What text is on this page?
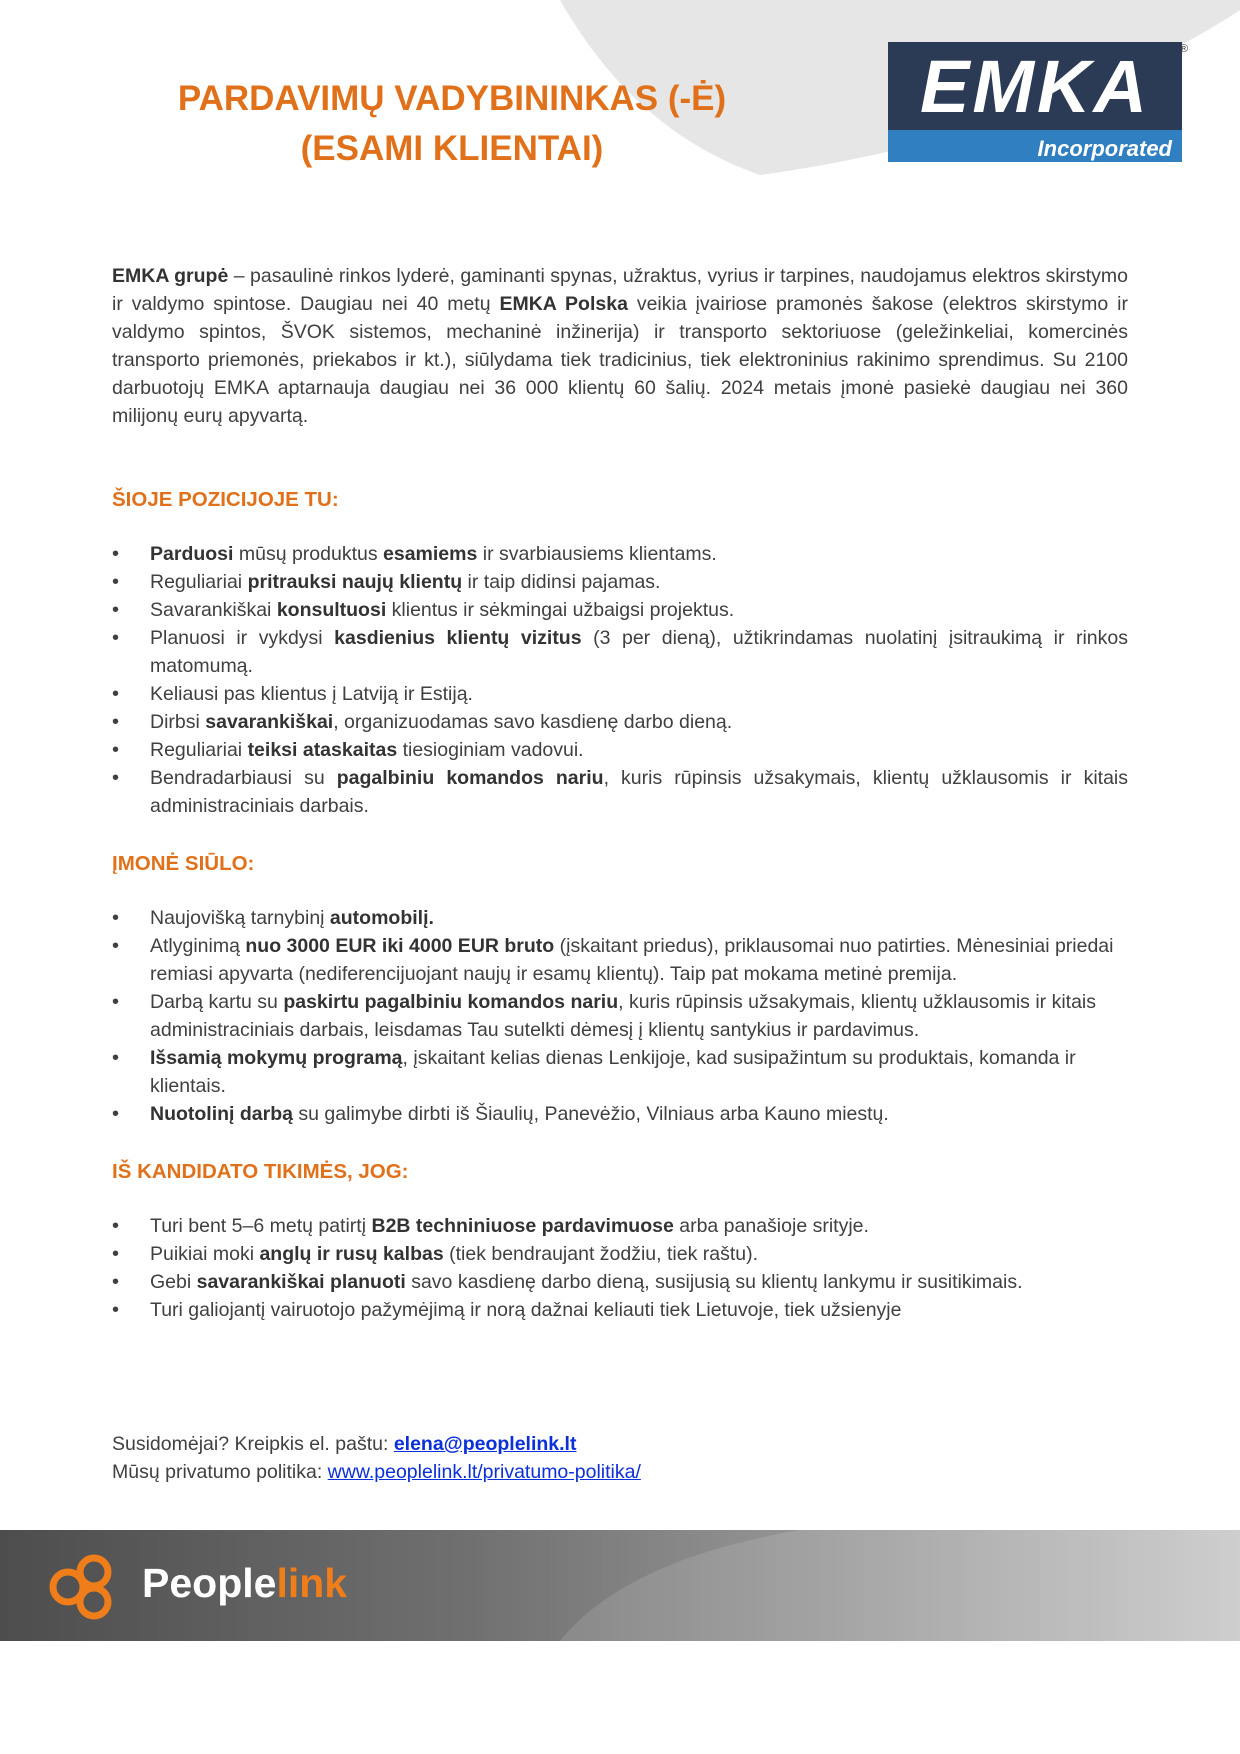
PARDAVIMŲ VADYBININKAS (-Ė)
(ESAMI KLIENTAI)
EMKA
Incorporated
®

EMKA grupė – pasaulinė rinkos lyderė, gaminanti spynas, užraktus, vyrius ir tarpines, naudojamus elektros skirstymo ir valdymo spintose. Daugiau nei 40 metų EMKA Polska veikia įvairiose pramonės šakose (elektros skirstymo ir valdymo spintos, ŠVOK sistemos, mechaninė inžinerija) ir transporto sektoriuose (geležinkeliai, komercinės transporto priemonės, priekabos ir kt.), siūlydama tiek tradicinius, tiek elektroninius rakinimo sprendimus. Su 2100 darbuotojų EMKA aptarnauja daugiau nei 36 000 klientų 60 šalių. 2024 metais įmonė pasiekė daugiau nei 360 milijonų eurų apyvartą.

ŠIOJE POZICIJOJE TU:
• Parduosi mūsų produktus esamiems ir svarbiausiems klientams.
• Reguliariai pritrauksi naujų klientų ir taip didinsi pajamas.
• Savarankiškai konsultuosi klientus ir sėkmingai užbaigsi projektus.
• Planuosi ir vykdysi kasdienius klientų vizitus (3 per dieną), užtikrindamas nuolatinį įsitraukimą ir rinkos matomumą.
• Keliausi pas klientus į Latviją ir Estiją.
• Dirbsi savarankiškai, organizuodamas savo kasdienę darbo dieną.
• Reguliariai teiksi ataskaitas tiesioginiam vadovui.
• Bendradarbiausi su pagalbiniu komandos nariu, kuris rūpinsis užsakymais, klientų užklausomis ir kitais administraciniais darbais.
ĮMONĖ SIŪLO:
• Naujovišką tarnybinį automobilį.
• Atlyginimą nuo 3000 EUR iki 4000 EUR bruto (įskaitant priedus), priklausomai nuo patirties. Mėnesiniai priedai remiasi apyvarta (nediferencijuojant naujų ir esamų klientų). Taip pat mokama metinė premija.
• Darbą kartu su paskirtu pagalbiniu komandos nariu, kuris rūpinsis užsakymais, klientų užklausomis ir kitais administraciniais darbais, leisdamas Tau sutelkti dėmesį į klientų santykius ir pardavimus.
• Išsamią mokymų programą, įskaitant kelias dienas Lenkijoje, kad susipažintum su produktais, komanda ir klientais.
• Nuotolinį darbą su galimybe dirbti iš Šiaulių, Panevėžio, Vilniaus arba Kauno miestų.
IŠ KANDIDATO TIKIMĖS, JOG:
• Turi bent 5–6 metų patirtį B2B techniniuose pardavimuose arba panašioje srityje.
• Puikiai moki anglų ir rusų kalbas (tiek bendraujant žodžiu, tiek raštu).
• Gebi savarankiškai planuoti savo kasdienę darbo dieną, susijusią su klientų lankymu ir susitikimais.
• Turi galiojantį vairuotojo pažymėjimą ir norą dažnai keliauti tiek Lietuvoje, tiek užsienyje
Susidomėjai? Kreipkis el. paštu: elena@peoplelink.lt
Mūsų privatumo politika: www.peoplelink.lt/privatumo-politika/
Peoplelink
